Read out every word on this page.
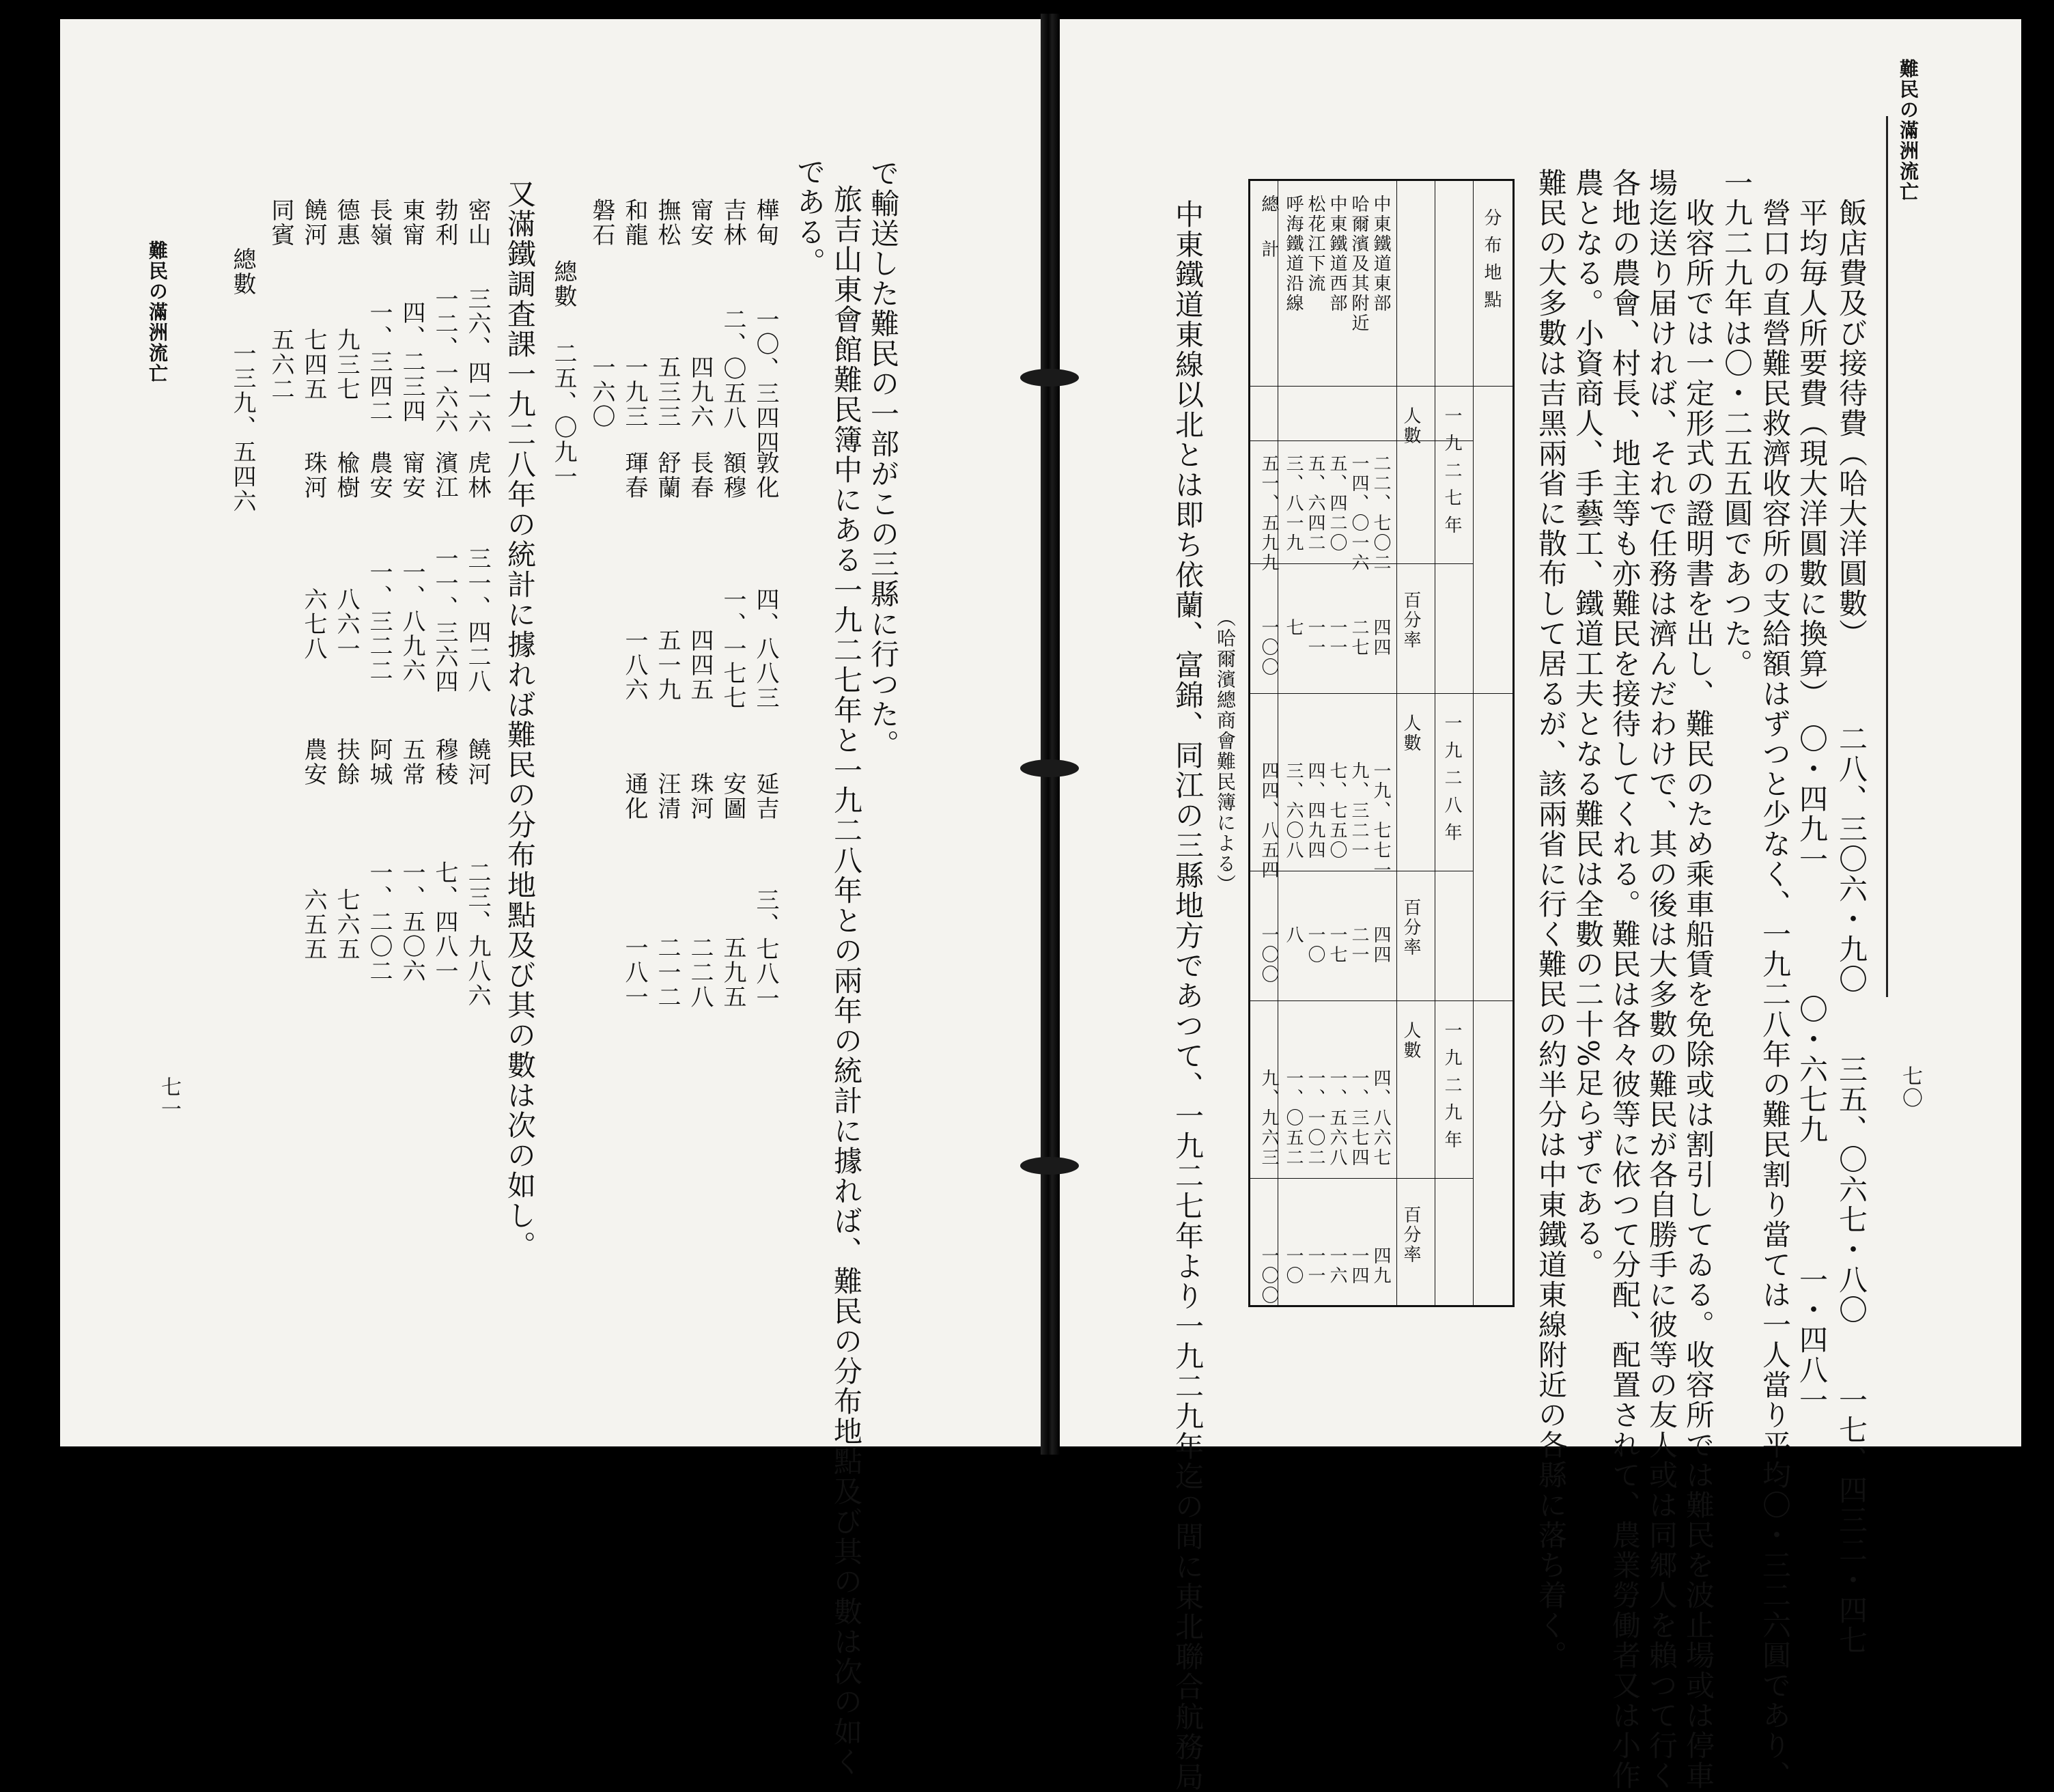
難民の滿洲流亡
飯店費及び接待費（哈大洋圓數）
二八、三〇六・九〇　　三五、〇六七・八〇　　一七、四三二・四七
平均毎人所要費（現大洋圓數に換算）
〇・四九一　　　　〇・六七九　　　　一・四八一
營口の直營難民救濟收容所の支給額はずつと少なく、一九二八年の難民割り當ては一人當り平均〇・三二六圓であり、
一九二九年は〇・二五五圓であつた。
收容所では一定形式の證明書を出し、難民のため乘車船賃を免除或は割引してゐる。收容所では難民を波止場或は停車
場迄送り届ければ、それで任務は濟んだわけで、其の後は大多數の難民が各自勝手に彼等の友人或は同郷人を賴つて行く
各地の農會、村長、地主等も亦難民を接待してくれる。難民は各々彼等に依つて分配、配置されて、農業勞働者又は小作
農となる。小資商人、手藝工、鐵道工夫となる難民は全數の二十%足らずである。
難民の大多數は吉黑兩省に散布して居るが、該兩省に行く難民の約半分は中東鐵道東線附近の各縣に落ち着く。
分布地點
一九二七年
一九二八年
一九二九年
人數
百分率
人數
百分率
人數
百分率
中東鐵道東部
二二、七〇二
四四
一九、七七一
四四
四、八六七
四九
哈爾濱及其附近
一四、〇一六
二七
九、三二一
二一
一、三七四
一四
中東鐵道西部
五、四二〇
一一
七、七五〇
一七
一、五六八
一六
松花江下流
五、六四二
一一
四、四九四
一〇
一、一〇二
一一
呼海鐵道沿線
三、八一九
七
三、六〇八
八
一、〇五二
一〇
總計
五一、五九九
一〇〇
四四、八五四
一〇〇
九、九六三
一〇〇
（哈爾濱總商會難民簿による）
中東鐵道東線以北とは即ち依蘭、富錦、同江の三縣地方であつて、一九二七年より一九二九年迄の間に東北聯合航務局	七〇
で輸送した難民の一部がこの三縣に行つた。
旅吉山東會館難民簿中にある一九二七年と一九二八年との兩年の統計に據れば、難民の分布地點及び其の數は次の如く
である。
樺甸
一〇、三四四
吉林
二、〇五八
甯安
四九六
撫松
五三三
和龍
一九三
磐石
一六〇
敦化
四、八八三
額穆
一、一七七
長春
四四五
舒蘭
五一九
琿春
一八六
延吉
三、七八一
安圖
五九五
珠河
二二八
汪清
二一二
通化
一八一
總數
二五、〇九一
又滿鐵調査課一九二八年の統計に據れば難民の分布地點及び其の數は次の如し。
密山
三六、四一六
勃利
一二、一六六
東甯
四、二三四
長嶺
一、三四二
德惠
九三七
饒河
七四五
同賓
五六二
虎林
三一、四二八
濱江
一一、三六四
甯安
一、八九六
農安
一、三二二
楡樹
八六一
珠河
六七八
饒河
二三、九八六
穆稜
七、四八一
五常
一、五〇六
阿城
一、二〇二
扶餘
七六五
農安
六五五
總數
一三九、五四六
難民の滿洲流亡
七一
